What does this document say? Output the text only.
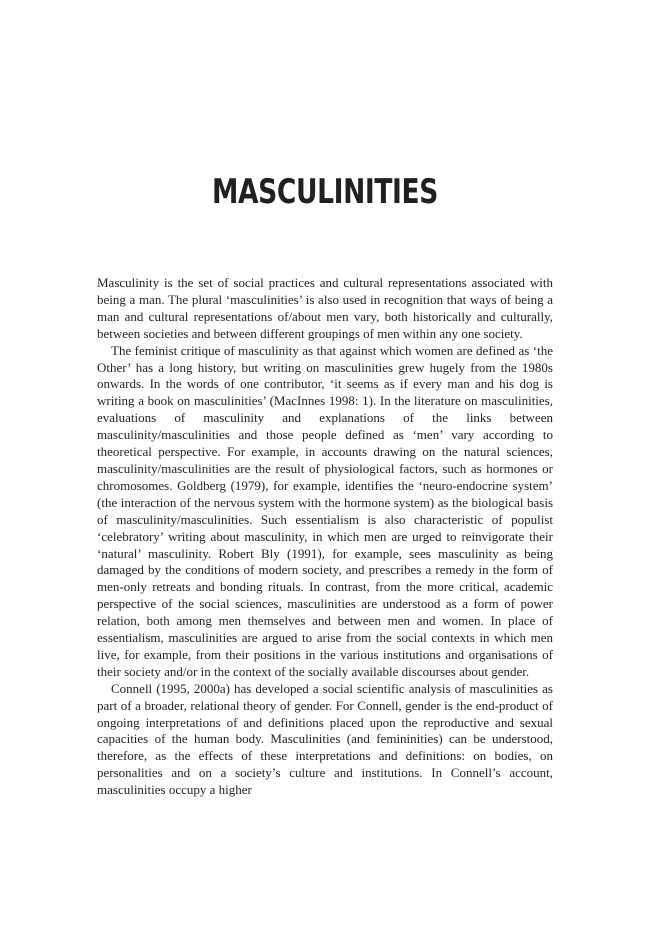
MASCULINITIES

Masculinity is the set of social practices and cultural representations associated with being a man. The plural ‘masculinities’ is also used in recognition that ways of being a man and cultural representations of/about men vary, both historically and culturally, between societies and between different groupings of men within any one society.

The feminist critique of masculinity as that against which women are defined as ‘the Other’ has a long history, but writing on masculinities grew hugely from the 1980s onwards. In the words of one contributor, ‘it seems as if every man and his dog is writing a book on masculinities’ (MacInnes 1998: 1). In the literature on masculinities, evaluations of masculinity and explanations of the links between masculinity/masculinities and those people defined as ‘men’ vary according to theoretical perspective. For example, in accounts drawing on the natural sciences, masculinity/masculinities are the result of physiological factors, such as hormones or chromosomes. Goldberg (1979), for example, identifies the ‘neuro-endocrine system’ (the interaction of the nervous system with the hormone system) as the biological basis of masculinity/masculinities. Such essentialism is also characteristic of populist ‘celebratory’ writing about masculinity, in which men are urged to reinvigorate their ‘natural’ masculinity. Robert Bly (1991), for example, sees masculinity as being damaged by the conditions of modern society, and prescribes a remedy in the form of men-only retreats and bonding rituals. In contrast, from the more critical, academic perspective of the social sciences, masculinities are understood as a form of power relation, both among men themselves and between men and women. In place of essentialism, masculinities are argued to arise from the social contexts in which men live, for example, from their positions in the various institutions and organisations of their society and/or in the context of the socially available discourses about gender.

Connell (1995, 2000a) has developed a social scientific analysis of masculinities as part of a broader, relational theory of gender. For Connell, gender is the end-product of ongoing interpretations of and definitions placed upon the reproductive and sexual capacities of the human body. Masculinities (and femininities) can be understood, therefore, as the effects of these interpretations and definitions: on bodies, on personalities and on a society’s culture and institutions. In Connell’s account, masculinities occupy a higher
